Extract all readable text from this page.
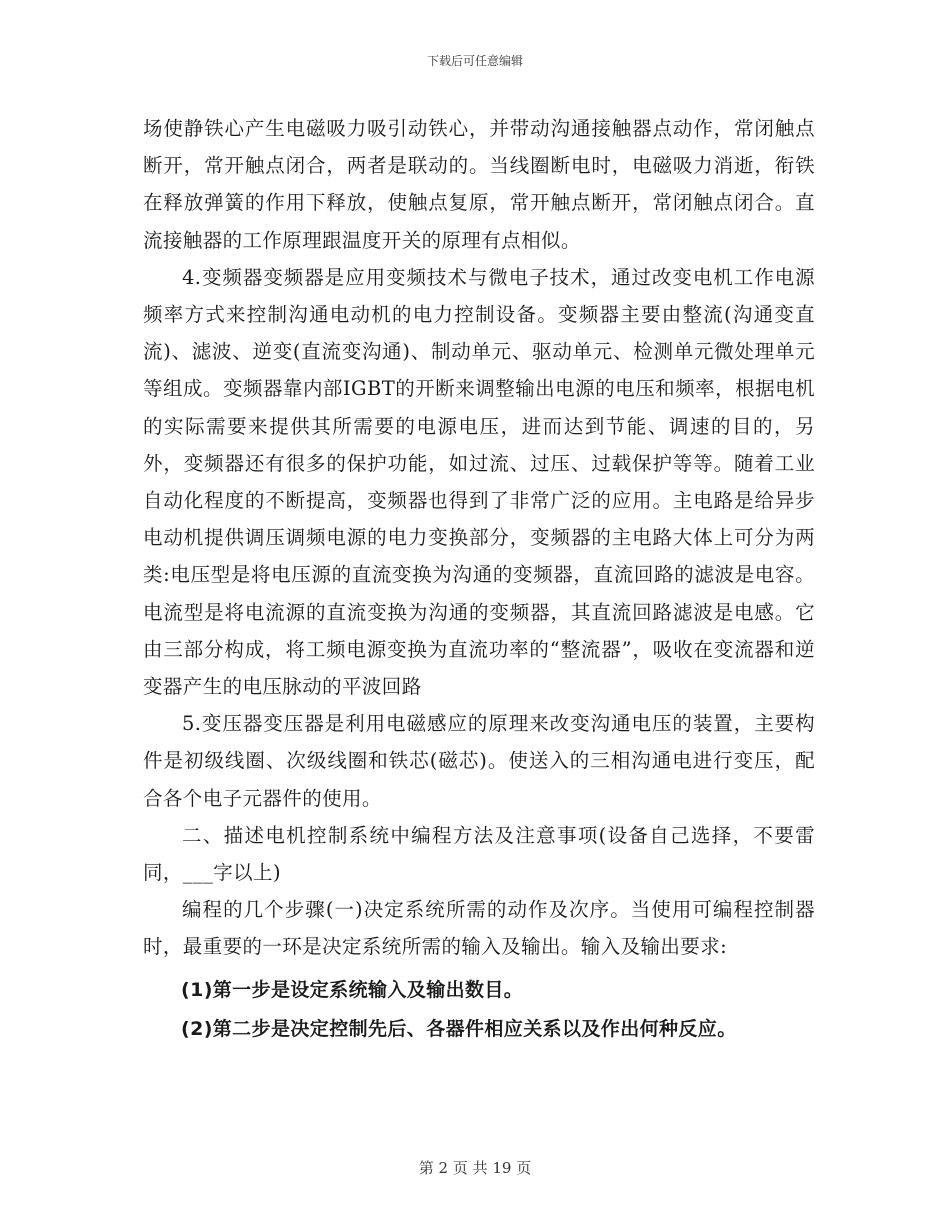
下载后可任意编辑

场使静铁心产生电磁吸力吸引动铁心，并带动沟通接触器点动作，常闭触点断开，常开触点闭合，两者是联动的。当线圈断电时，电磁吸力消逝，衔铁在释放弹簧的作用下释放，使触点复原，常开触点断开，常闭触点闭合。直流接触器的工作原理跟温度开关的原理有点相似。

4.变频器变频器是应用变频技术与微电子技术，通过改变电机工作电源频率方式来控制沟通电动机的电力控制设备。变频器主要由整流(沟通变直流)、滤波、逆变(直流变沟通)、制动单元、驱动单元、检测单元微处理单元等组成。变频器靠内部IGBT的开断来调整输出电源的电压和频率，根据电机的实际需要来提供其所需要的电源电压，进而达到节能、调速的目的，另外，变频器还有很多的保护功能，如过流、过压、过载保护等等。随着工业自动化程度的不断提高，变频器也得到了非常广泛的应用。主电路是给异步电动机提供调压调频电源的电力变换部分，变频器的主电路大体上可分为两类:电压型是将电压源的直流变换为沟通的变频器，直流回路的滤波是电容。电流型是将电流源的直流变换为沟通的变频器，其直流回路滤波是电感。它由三部分构成，将工频电源变换为直流功率的“整流器”，吸收在变流器和逆变器产生的电压脉动的平波回路

5.变压器变压器是利用电磁感应的原理来改变沟通电压的装置，主要构件是初级线圈、次级线圈和铁芯(磁芯)。使送入的三相沟通电进行变压，配合各个电子元器件的使用。

二、描述电机控制系统中编程方法及注意事项(设备自己选择，不要雷同，___字以上)

编程的几个步骤(一)决定系统所需的动作及次序。当使用可编程控制器时，最重要的一环是决定系统所需的输入及输出。输入及输出要求:

(1)第一步是设定系统输入及输出数目。

(2)第二步是决定控制先后、各器件相应关系以及作出何种反应。

第 2 页 共 19 页
